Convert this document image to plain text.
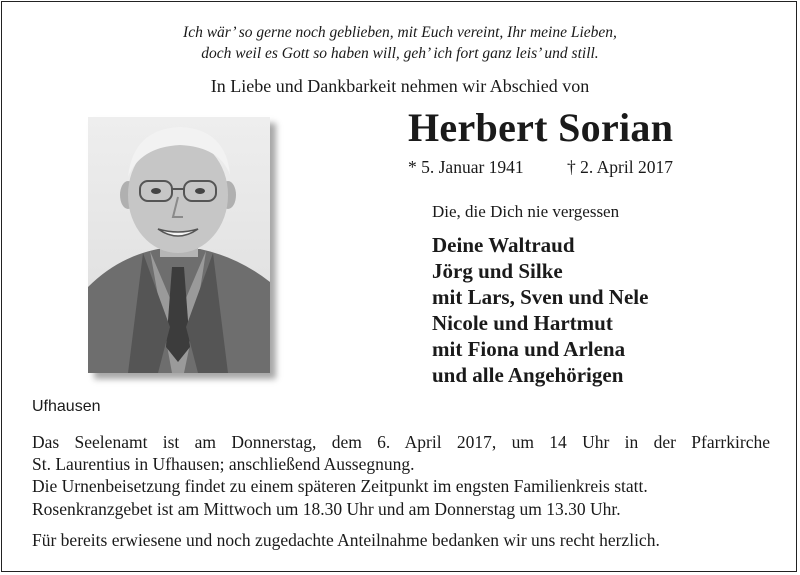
Ich wär’ so gerne noch geblieben, mit Euch vereint, Ihr meine Lieben,
doch weil es Gott so haben will, geh’ ich fort ganz leis’ und still.
In Liebe und Dankbarkeit nehmen wir Abschied von
Herbert Sorian
* 5. Januar 1941 † 2. April 2017
Die, die Dich nie vergessen
Deine Waltraud
Jörg und Silke
mit Lars, Sven und Nele
Nicole und Hartmut
mit Fiona und Arlena
und alle Angehörigen
Ufhausen
Das Seelenamt ist am Donnerstag, dem 6. April 2017, um 14 Uhr in der Pfarrkirche
St. Laurentius in Ufhausen; anschließend Aussegnung.
Die Urnenbeisetzung findet zu einem späteren Zeitpunkt im engsten Familienkreis statt.
Rosenkranzgebet ist am Mittwoch um 18.30 Uhr und am Donnerstag um 13.30 Uhr.
Für bereits erwiesene und noch zugedachte Anteilnahme bedanken wir uns recht herzlich.
